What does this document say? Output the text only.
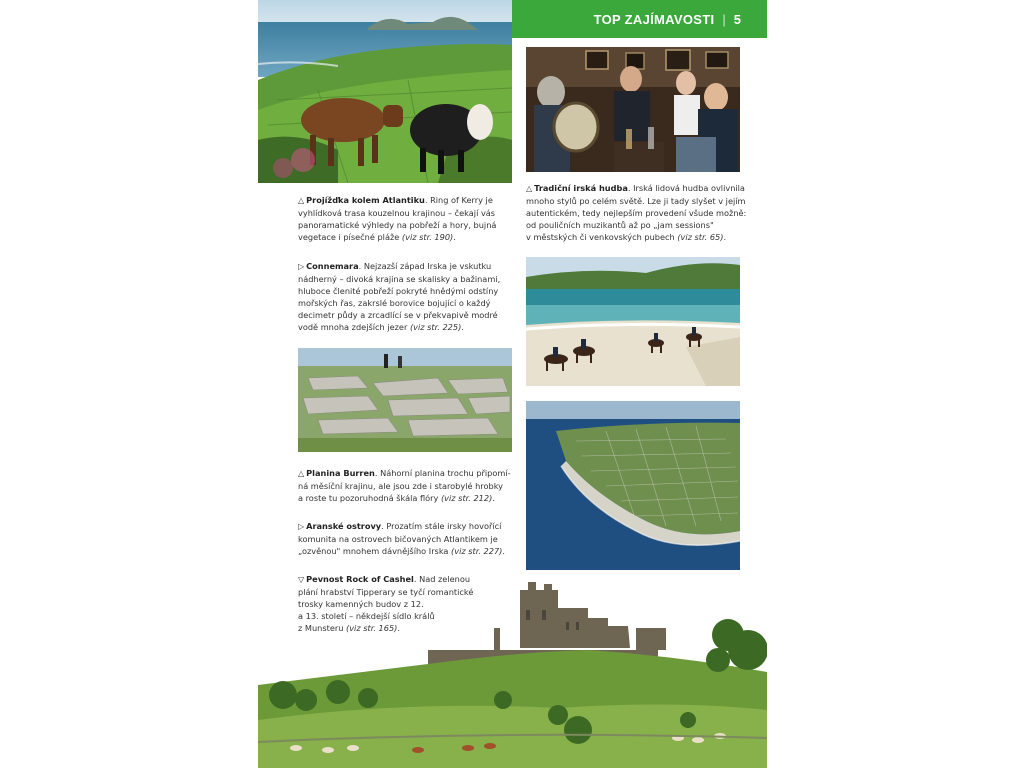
TOP ZAJÍMAVOSTI | 5
△ Projížďka kolem Atlantiku. Ring of Kerry je
vyhlídková trasa kouzelnou krajinou – čekají vás
panoramatické výhledy na pobřeží a hory, bujná
vegetace i písečné pláže (viz str. 190).
△ Tradiční irská hudba. Irská lidová hudba ovlivnila
mnoho stylů po celém světě. Lze ji tady slyšet v jejím
autentickém, tedy nejlepším provedení všude možně:
od pouličních muzikantů až po „jam sessions"
v městských či venkovských pubech (viz str. 65).
▷ Connemara. Nejzazší západ Irska je vskutku
nádherný – divoká krajina se skalisky a bažinami,
hluboce členité pobřeží pokryté hnědými odstíny
mořských řas, zakrslé borovice bojující o každý
decimetr půdy a zrcadlící se v překvapivě modré
vodě mnoha zdejších jezer (viz str. 225).
△ Planina Burren. Náhorní planina trochu připomí-
ná měsíční krajinu, ale jsou zde i starobylé hrobky
a roste tu pozoruhodná škála flóry (viz str. 212).
▷ Aranské ostrovy. Prozatím stále irsky hovořící
komunita na ostrovech bičovaných Atlantikem je
„ozvěnou" mnohem dávnějšího Irska (viz str. 227).
▽ Pevnost Rock of Cashel. Nad zelenou
plání hrabství Tipperary se tyčí romantické
trosky kamenných budov z 12.
a 13. století – někdejší sídlo králů
z Munsteru (viz str. 165).
